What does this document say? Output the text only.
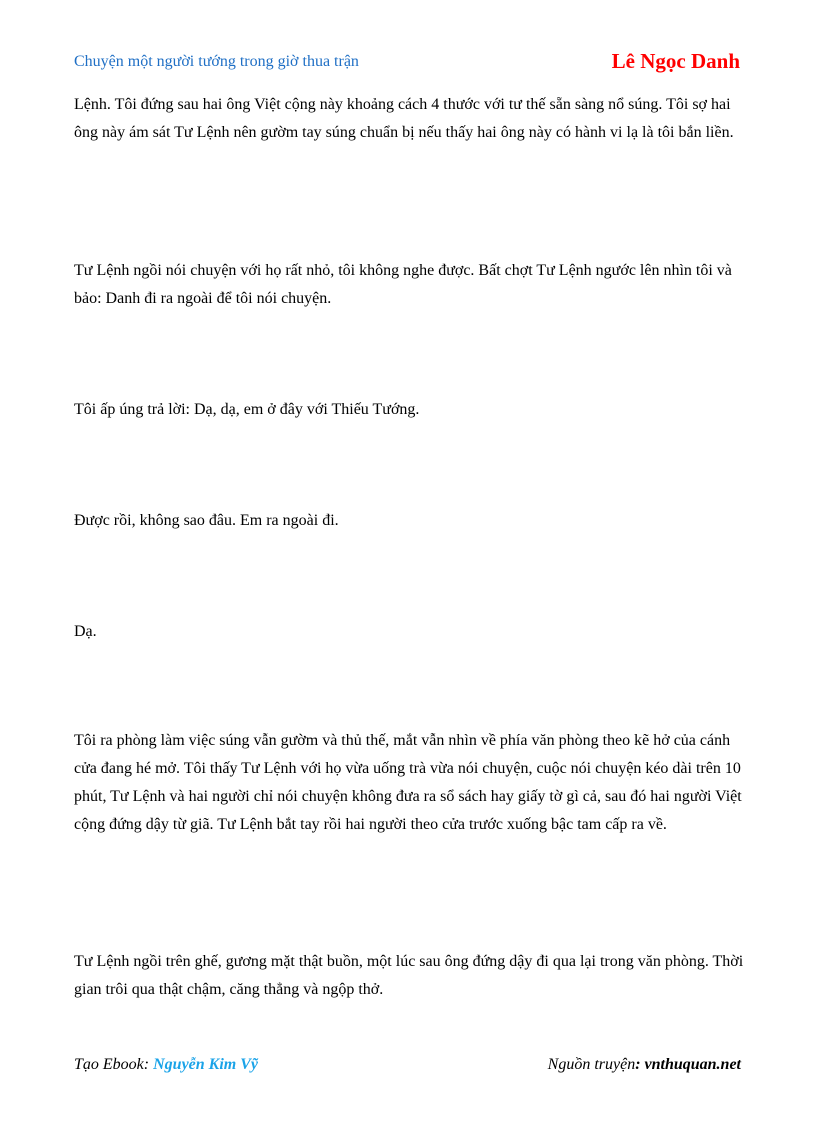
Chuyện một người tướng trong giờ thua trận	Lê Ngọc Danh

Lệnh. Tôi đứng sau hai ông Việt cộng này khoảng cách 4 thước với tư thế sẵn sàng nổ súng. Tôi sợ hai ông này ám sát Tư Lệnh nên gườm tay súng chuẩn bị nếu thấy hai ông này có hành vi lạ là tôi bắn liền.

Tư Lệnh ngồi nói chuyện với họ rất nhỏ, tôi không nghe được. Bất chợt Tư Lệnh ngước lên nhìn tôi và bảo: Danh đi ra ngoài để tôi nói chuyện.

Tôi ấp úng trả lời: Dạ, dạ, em ở đây với Thiếu Tướng.

Được rồi, không sao đâu. Em ra ngoài đi.

Dạ.

Tôi ra phòng làm việc súng vẫn gườm và thủ thế, mắt vẫn nhìn về phía văn phòng theo kẽ hở của cánh cửa đang hé mở. Tôi thấy Tư Lệnh với họ vừa uống trà vừa nói chuyện, cuộc nói chuyện kéo dài trên 10 phút, Tư Lệnh và hai người chỉ nói chuyện không đưa ra sổ sách hay giấy tờ gì cả, sau đó hai người Việt cộng đứng dậy từ giã. Tư Lệnh bắt tay rồi hai người theo cửa trước xuống bậc tam cấp ra về.

Tư Lệnh ngồi trên ghế, gương mặt thật buồn, một lúc sau ông đứng dậy đi qua lại trong văn phòng. Thời gian trôi qua thật chậm, căng thẳng và ngộp thở.

Tạo Ebook: Nguyễn Kim Vỹ	Nguồn truyện: vnthuquan.net
